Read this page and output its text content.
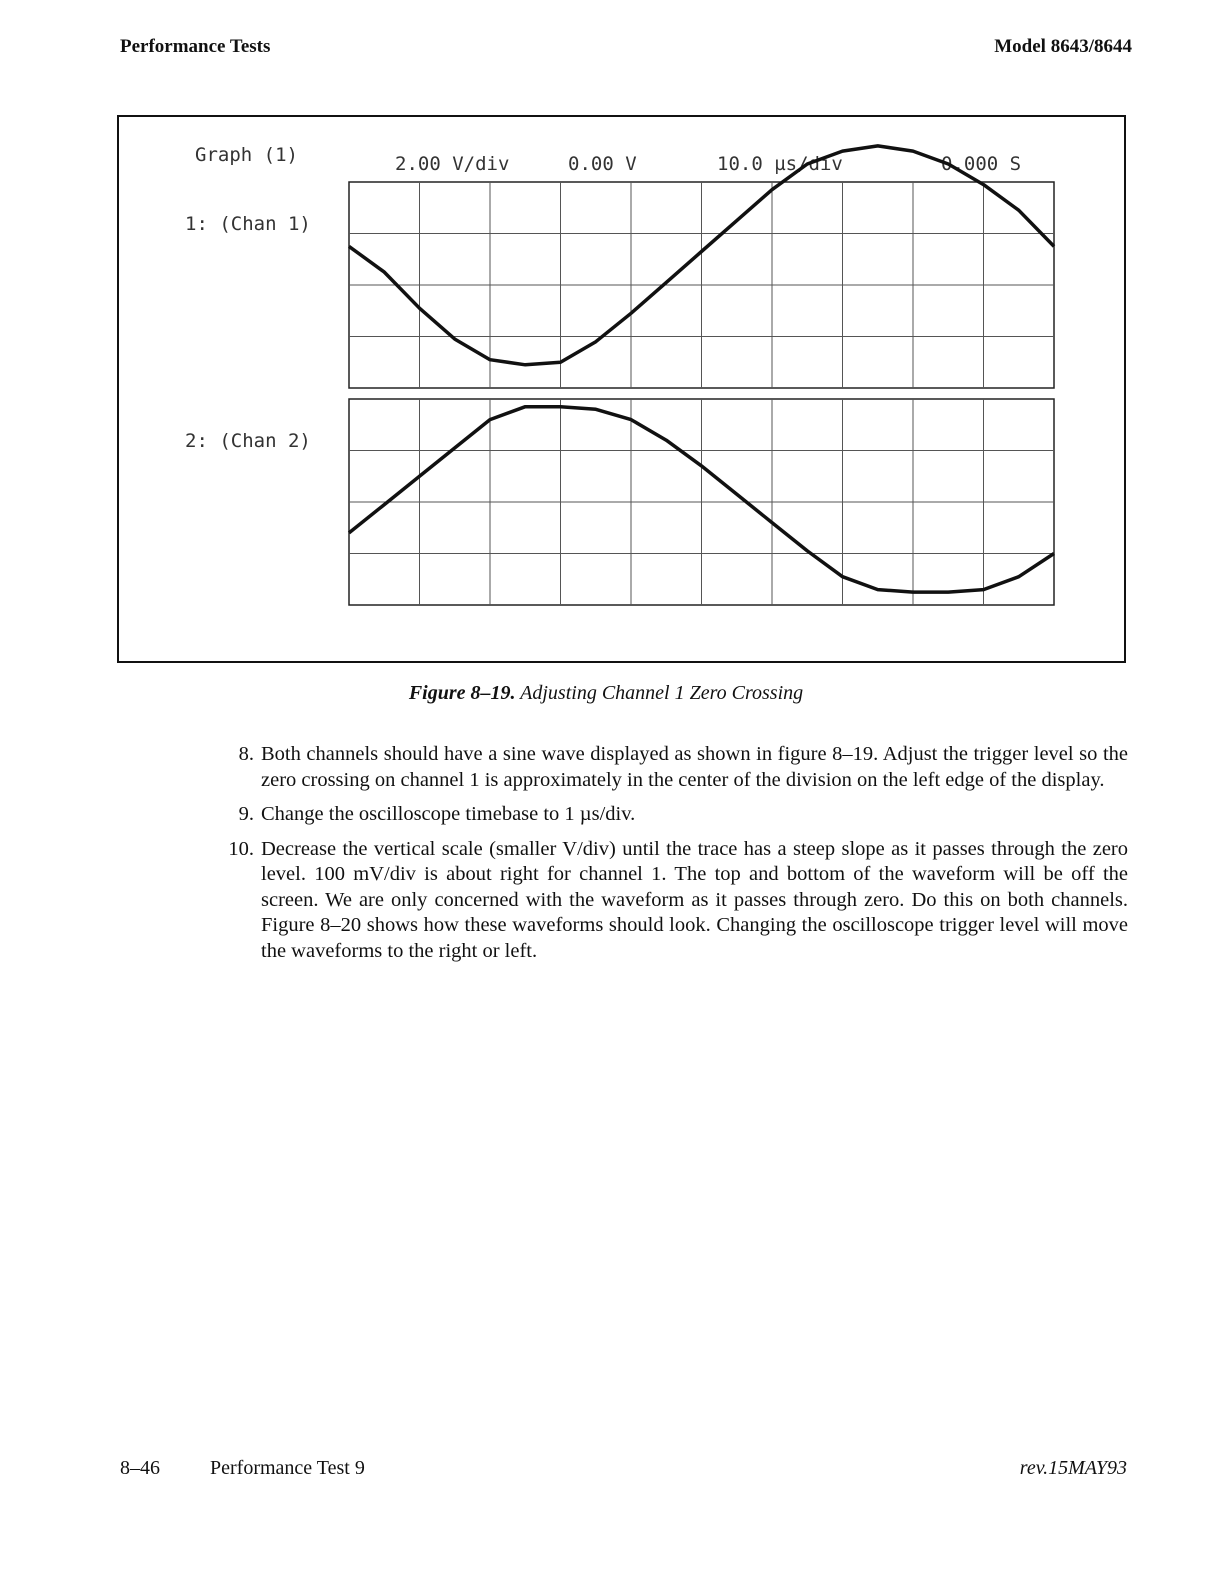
Performance Tests	Model 8643/8644
Graph (1)	2.00 V/div	0.00 V	10.0 µs/div	0.000 S
1: (Chan 1)
2: (Chan 2)
Figure 8–19. Adjusting Channel 1 Zero Crossing
8. Both channels should have a sine wave displayed as shown in figure 8–19. Adjust the trigger level so the zero crossing on channel 1 is approximately in the center of the division on the left edge of the display.
9. Change the oscilloscope timebase to 1 µs/div.
10. Decrease the vertical scale (smaller V/div) until the trace has a steep slope as it passes through the zero level. 100 mV/div is about right for channel 1. The top and bottom of the waveform will be off the screen. We are only concerned with the waveform as it passes through zero. Do this on both channels. Figure 8–20 shows how these waveforms should look. Changing the oscilloscope trigger level will move the waveforms to the right or left.
8–46	Performance Test 9	rev.15MAY93
